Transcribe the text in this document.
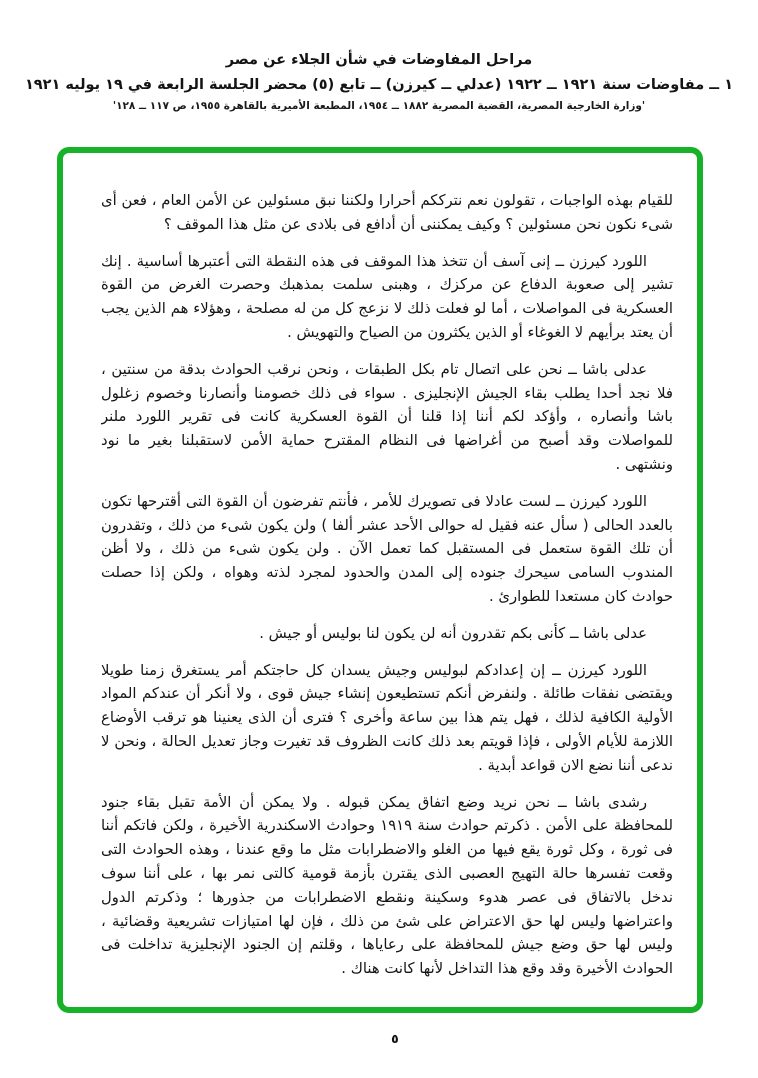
مراحل المفاوضات في شأن الجلاء عن مصر
١ ــ مفاوضات سنة ١٩٢١ ــ ١٩٢٢ (عدلي ــ كيرزن) ــ تابع (٥) محضر الجلسة الرابعة في ١٩ يوليه ١٩٢١
'وزارة الخارجية المصرية، القضية المصرية ١٨٨٢ ــ ١٩٥٤، المطبعة الأميرية بالقاهرة ١٩٥٥، ص ١١٧ ــ ١٢٨'

للقيام بهذه الواجبات ، تقولون نعم نترككم أحرارا ولكننا نبق مسئولين عن الأمن العام ، فعن أى شىء نكون نحن مسئولين ؟ وكيف يمكننى أن أدافع فى بلادى عن مثل هذا الموقف ؟

اللورد كيرزن ــ إنى آسف أن تتخذ هذا الموقف فى هذه النقطة التى أعتبرها أساسية . إنك تشير إلى صعوبة الدفاع عن مركزك ، وهبنى سلمت بمذهبك وحصرت الغرض من القوة العسكرية فى المواصلات ، أما لو فعلت ذلك لا نزعج كل من له مصلحة ، وهؤلاء هم الذين يجب أن يعتد برأيهم لا الغوغاء أو الذين يكثرون من الصياح والتهويش .

عدلى باشا ــ نحن على اتصال تام بكل الطبقات ، ونحن نرقب الحوادث بدقة من سنتين ، فلا نجد أحدا يطلب بقاء الجيش الإنجليزى . سواء فى ذلك خصومنا وأنصارنا وخصوم زغلول باشا وأنصاره ، وأؤكد لكم أننا إذا قلنا أن القوة العسكرية كانت فى تقرير اللورد ملنر للمواصلات وقد أصبح من أغراضها فى النظام المقترح حماية الأمن لاستقبلنا بغير ما نود ونشتهى .

اللورد كيرزن ــ لست عادلا فى تصويرك للأمر ، فأنتم تفرضون أن القوة التى أقترحها تكون بالعدد الحالى ( سأل عنه فقيل له حوالى الأحد عشر ألفا ) ولن يكون شىء من ذلك ، وتقدرون أن تلك القوة ستعمل فى المستقبل كما تعمل الآن . ولن يكون شىء من ذلك ، ولا أظن المندوب السامى سيحرك جنوده إلى المدن والحدود لمجرد لذته وهواه ، ولكن إذا حصلت حوادث كان مستعدا للطوارئ .

عدلى باشا ــ كأنى بكم تقدرون أنه لن يكون لنا بوليس أو جيش .

اللورد كيرزن ــ إن إعدادكم لبوليس وجيش يسدان كل حاجتكم أمر يستغرق زمنا طويلا ويقتضى نفقات طائلة . ولنفرض أنكم تستطيعون إنشاء جيش قوى ، ولا أنكر أن عندكم المواد الأولية الكافية لذلك ، فهل يتم هذا بين ساعة وأخرى ؟ فترى أن الذى يعنينا هو ترقب الأوضاع اللازمة للأيام الأولى ، فإذا قويتم بعد ذلك كانت الظروف قد تغيرت وجاز تعديل الحالة ، ونحن لا ندعى أننا نضع الان قواعد أبدية .

رشدى باشا ــ نحن نريد وضع اتفاق يمكن قبوله . ولا يمكن أن الأمة تقبل بقاء جنود للمحافظة على الأمن . ذكرتم حوادث سنة ١٩١٩ وحوادث الاسكندرية الأخيرة ، ولكن فاتكم أننا فى ثورة ، وكل ثورة يقع فيها من الغلو والاضطرابات مثل ما وقع عندنا ، وهذه الحوادث التى وقعت تفسرها حالة التهيج العصبى الذى يقترن بأزمة قومية كالتى نمر بها ، على أننا سوف ندخل بالاتفاق فى عصر هدوء وسكينة ونقطع الاضطرابات من جذورها ؛ وذكرتم الدول واعتراضها وليس لها حق الاعتراض على شئ من ذلك ، فإن لها امتيازات تشريعية وقضائية ، وليس لها حق وضع جيش للمحافظة على رعاياها ، وقلتم إن الجنود الإنجليزية تداخلت فى الحوادث الأخيرة وقد وقع هذا التداخل لأنها كانت هناك .

٥
